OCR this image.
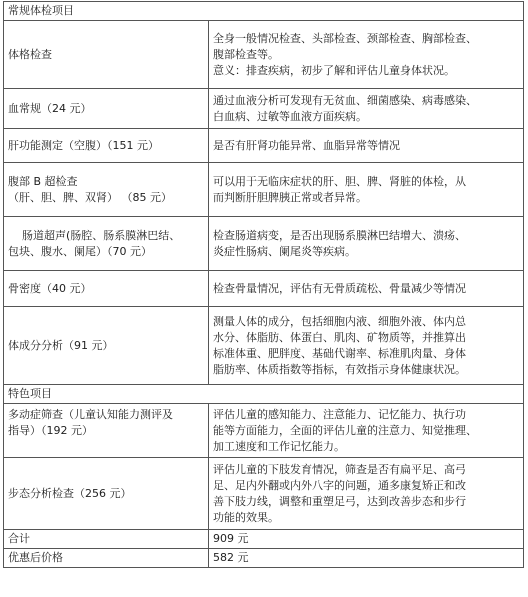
常规体检项目	

体格检查	全身一般情况检查、头部检查、颈部检查、胸部检查、
腹部检查等。
意义：排查疾病，初步了解和评估儿童身体状况。

血常规（24 元）	通过血液分析可发现有无贫血、细菌感染、病毒感染、
白血病、过敏等血液方面疾病。

肝功能测定（空腹）（151 元）	是否有肝肾功能异常、血脂异常等情况

腹部 B 超检查
（肝、胆、脾、双肾） （85 元）	可以用于无临床症状的肝、胆、脾、肾脏的体检，从
而判断肝胆脾胰正常或者异常。

肠道超声(肠腔、肠系膜淋巴结、
包块、腹水、阑尾）（70 元）	检查肠道病变，是否出现肠系膜淋巴结增大、溃疡、
炎症性肠病、阑尾炎等疾病。

骨密度（40 元）	检查骨量情况，评估有无骨质疏松、骨量减少等情况

体成分分析（91 元）	测量人体的成分，包括细胞内液、细胞外液、体内总
水分、体脂肪、体蛋白、肌肉、矿物质等，并推算出
标准体重、肥胖度、基础代谢率、标准肌肉量、身体
脂肪率、体质指数等指标，有效指示身体健康状况。

特色项目	

多动症筛查（儿童认知能力测评及
指导）（192 元）	评估儿童的感知能力、注意能力、记忆能力、执行功
能等方面能力，全面的评估儿童的注意力、知觉推理、
加工速度和工作记忆能力。

步态分析检查（256 元）	评估儿童的下肢发育情况，筛查是否有扁平足、高弓
足、足内外翻或内外八字的问题，通多康复矫正和改
善下肢力线，调整和重塑足弓，达到改善步态和步行
功能的效果。

合计	909 元
优惠后价格	582 元
